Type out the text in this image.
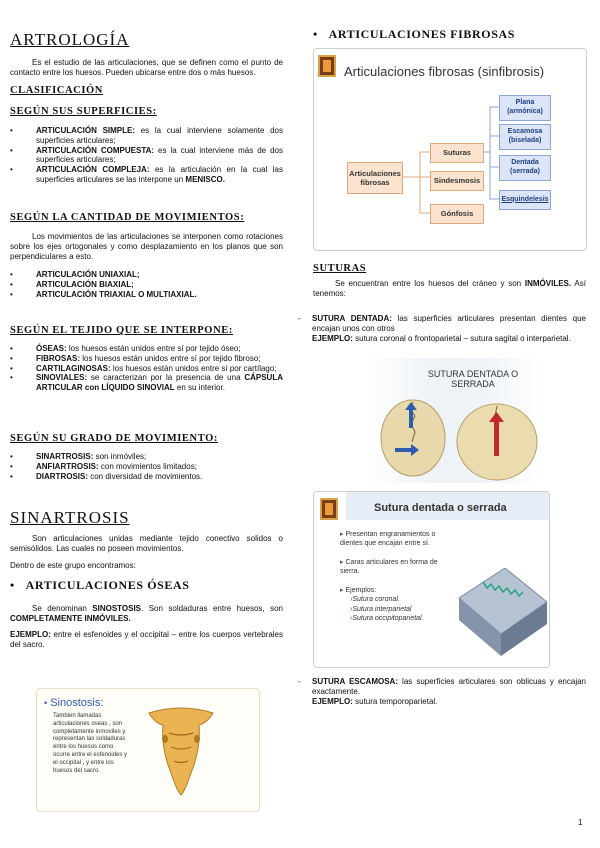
ARTROLOGÍA
Es el estudio de las articulaciones, que se definen como el punto de contacto entre los huesos. Pueden ubicarse entre dos o más huesos.
CLASIFICACIÓN
SEGÚN SUS SUPERFICIES:
• ARTICULACIÓN SIMPLE: es la cual interviene solamente dos superficies articulares;
• ARTICULACIÓN COMPUESTA: es la cual interviene más de dos superficies articulares;
• ARTICULACIÓN COMPLEJA: es la articulación en la cual las superficies articulares se las interpone un MENISCO.
SEGÚN LA CANTIDAD DE MOVIMIENTOS:
Los movimientos de las articulaciones se interponen como rotaciones sobre los ejes ortogonales y como desplazamiento en los planos que son perpendiculares a esto.
• ARTICULACIÓN UNIAXIAL;
• ARTICULACIÓN BIAXIAL;
• ARTICULACIÓN TRIAXIAL O MULTIAXIAL.
SEGÚN EL TEJIDO QUE SE INTERPONE:
• ÓSEAS: los huesos están unidos entre sí por tejido óseo;
• FIBROSAS: los huesos están unidos entre sí por tejido fibroso;
• CARTILAGINOSAS: los huesos están unidos entre sí por cartílago;
• SINOVIALES: se caracterizan por la presencia de una CÁPSULA ARTICULAR con LÍQUIDO SINOVIAL en su interior.
SEGÚN SU GRADO DE MOVIMIENTO:
• SINARTROSIS: son inmóviles;
• ANFIARTROSIS: con movimientos limitados;
• DIARTROSIS: con diversidad de movimientos.
SINARTROSIS
Son articulaciones unidas mediante tejido conectivo solidos o semisólidos. Las cuales no poseen movimientos.
Dentro de este grupo encontramos:
• ARTICULACIONES ÓSEAS
Se denominan SINOSTOSIS. Son soldaduras entre huesos, son COMPLETAMENTE INMÓVILES.
EJEMPLO: entre el esfenoides y el occipital – entre los cuerpos vertebrales del sacro.
• Sinostosis:
Tambien llamadas articulaciones oseas , son completamente inmoviles y representan las soldaduras entre los huesos como ocurre entre el esfenoides y el occipital , y entre los huesos del sacro.
• ARTICULACIONES FIBROSAS
Articulaciones fibrosas (sinfibrosis)
Articulaciones fibrosas
Suturas
Sindesmosis
Gónfosis
Plana (armónica)
Escamosa (biselada)
Dentada (serrada)
Esquindelesis
SUTURAS
Se encuentran entre los huesos del cráneo y son INMÓVILES. Así tenemos:
- SUTURA DENTADA: las superficies articulares presentan dientes que encajan unos con otros
EJEMPLO: sutura coronal o frontoparietal – sutura sagital o interparietal.
SUTURA DENTADA O SERRADA
Sutura dentada o serrada
▸ Presentan engranamientos o dientes que encajan entre sí.
▸ Caras articulares en forma de sierra.
▸ Ejemplos:
›Sutura coronal.
›Sutura interparietal
›Sutura occipitoparietal.
- SUTURA ESCAMOSA: las superficies articulares son oblicuas y encajan exactamente.
EJEMPLO: sutura temporoparietal.
1
